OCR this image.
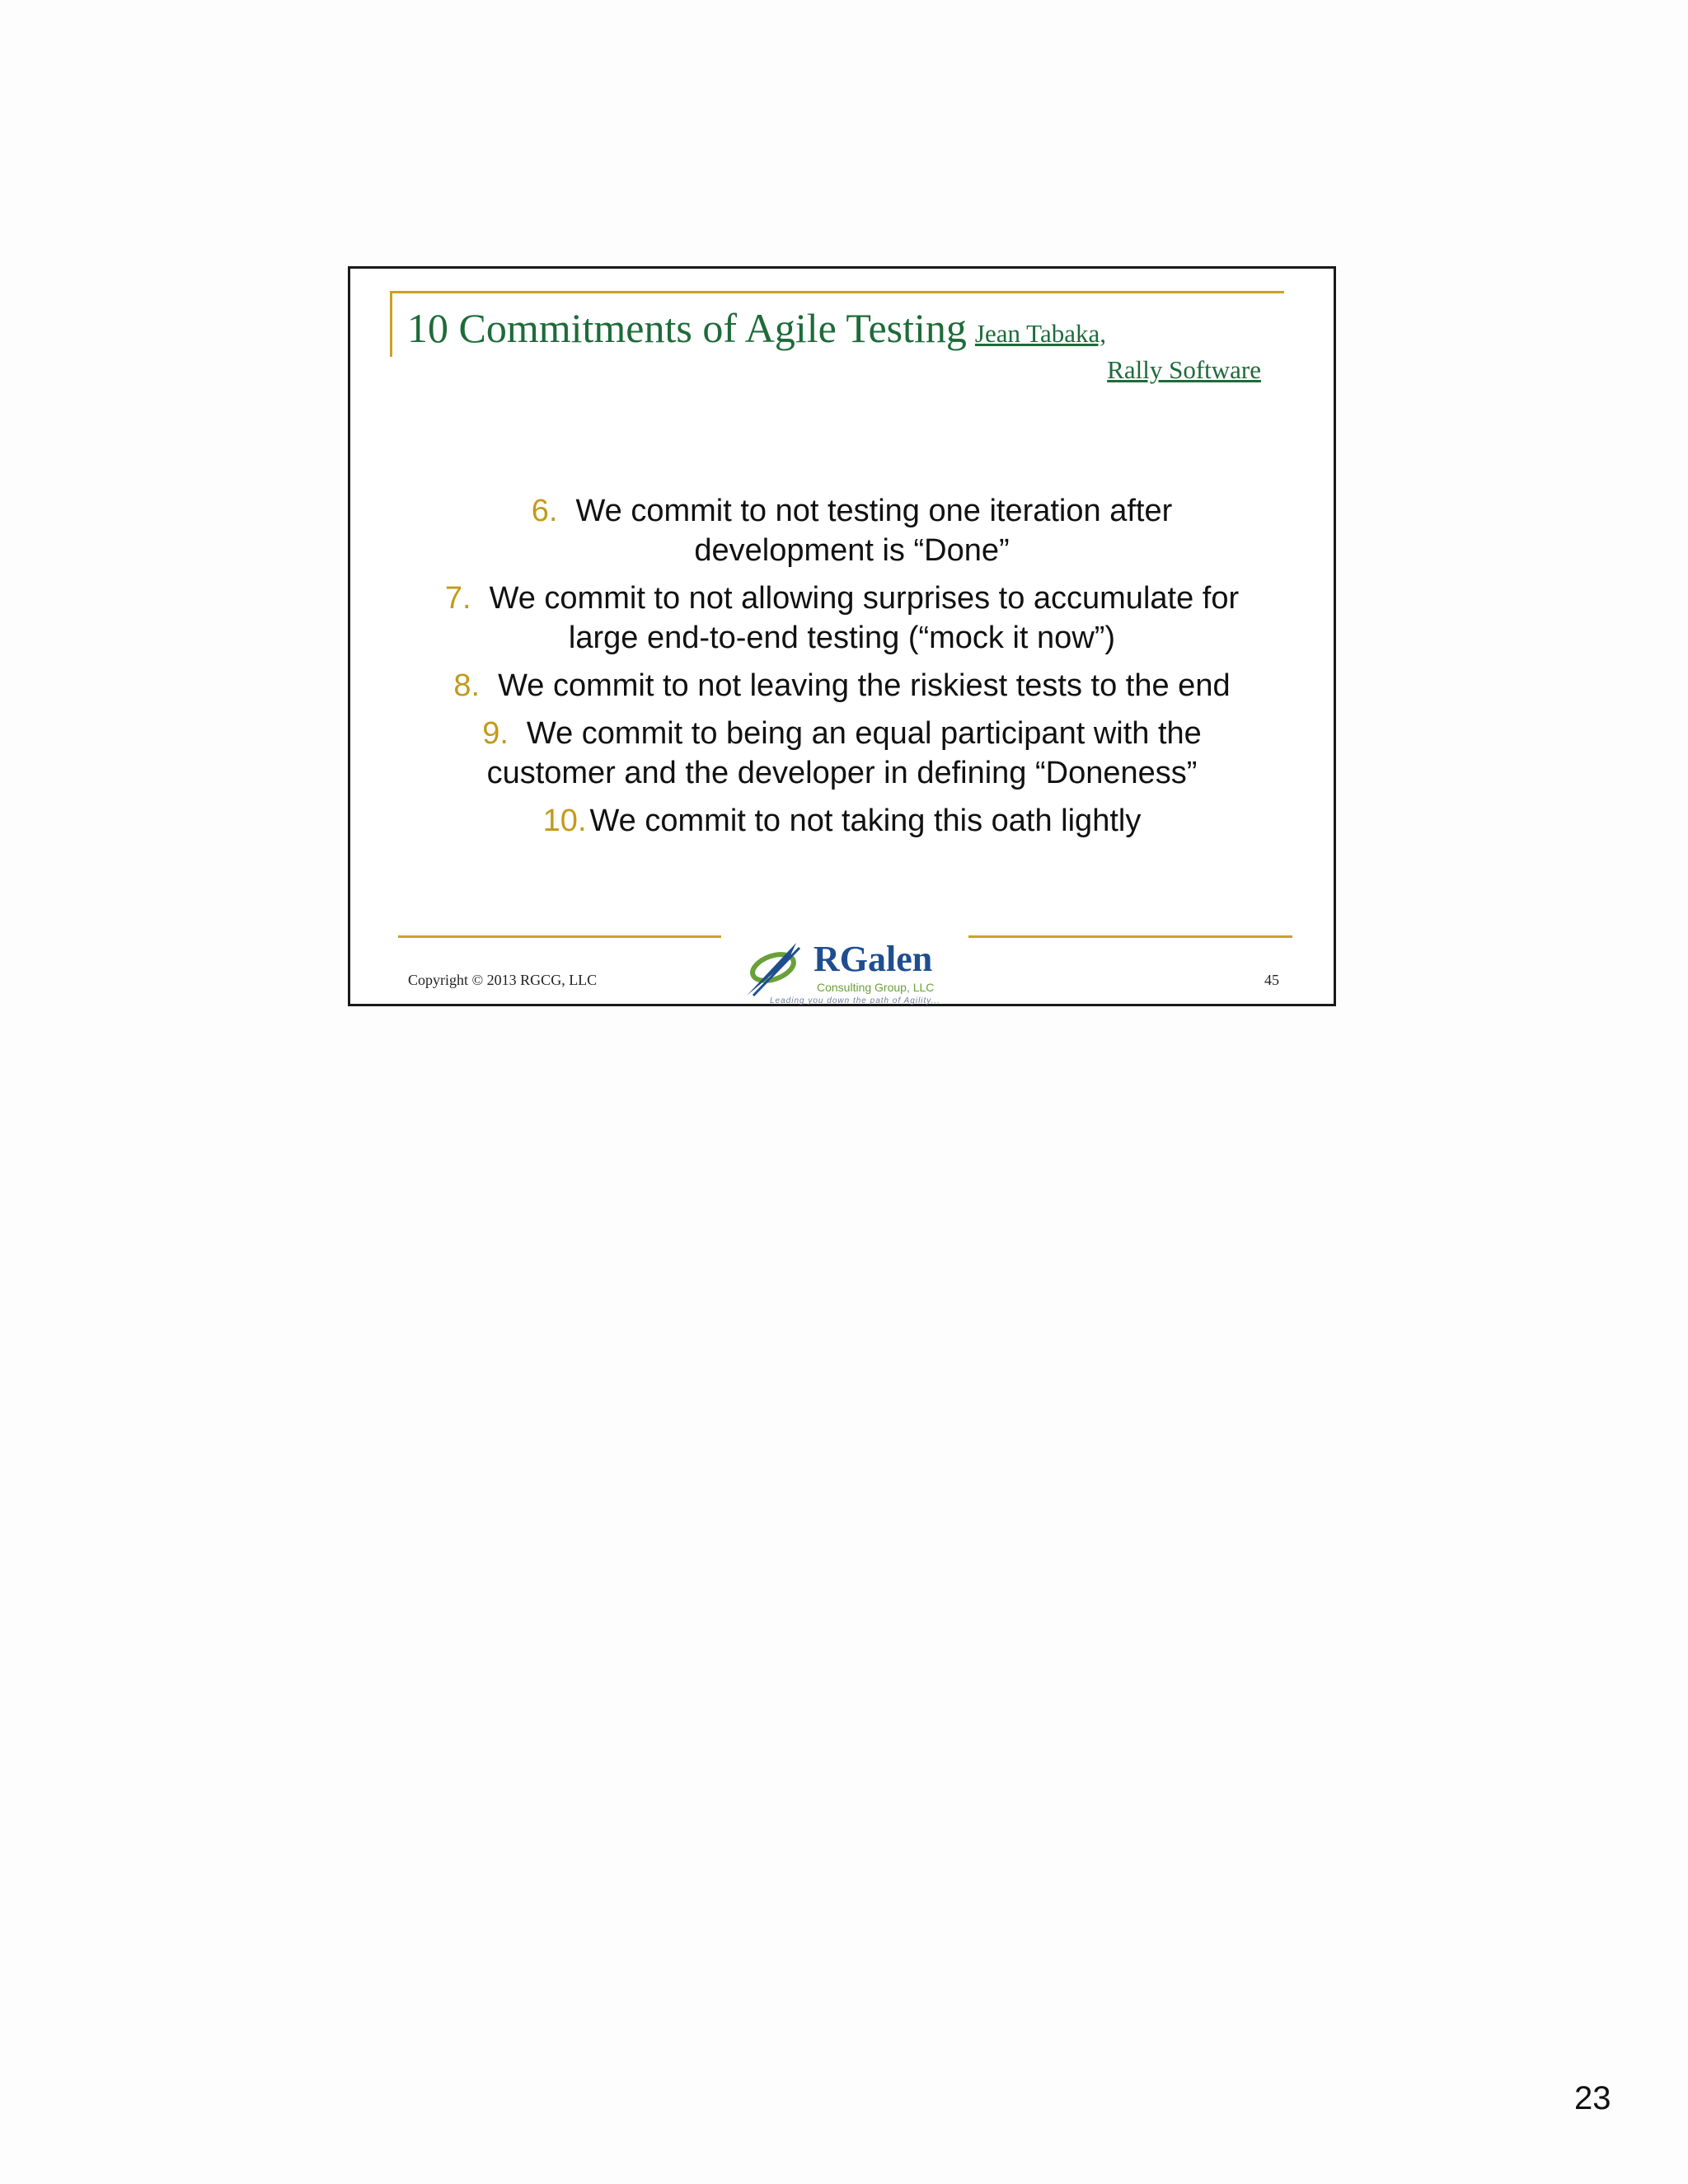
10 Commitments of Agile Testing Jean Tabaka,
Rally Software
6. We commit to not testing one iteration after
development is “Done”
7. We commit to not allowing surprises to accumulate for
large end-to-end testing (“mock it now”)
8. We commit to not leaving the riskiest tests to the end
9. We commit to being an equal participant with the
customer and the developer in defining “Doneness”
10. We commit to not taking this oath lightly
Copyright © 2013 RGCG, LLC
RGalen
Consulting Group, LLC
Leading you down the path of Agility...
45
23
